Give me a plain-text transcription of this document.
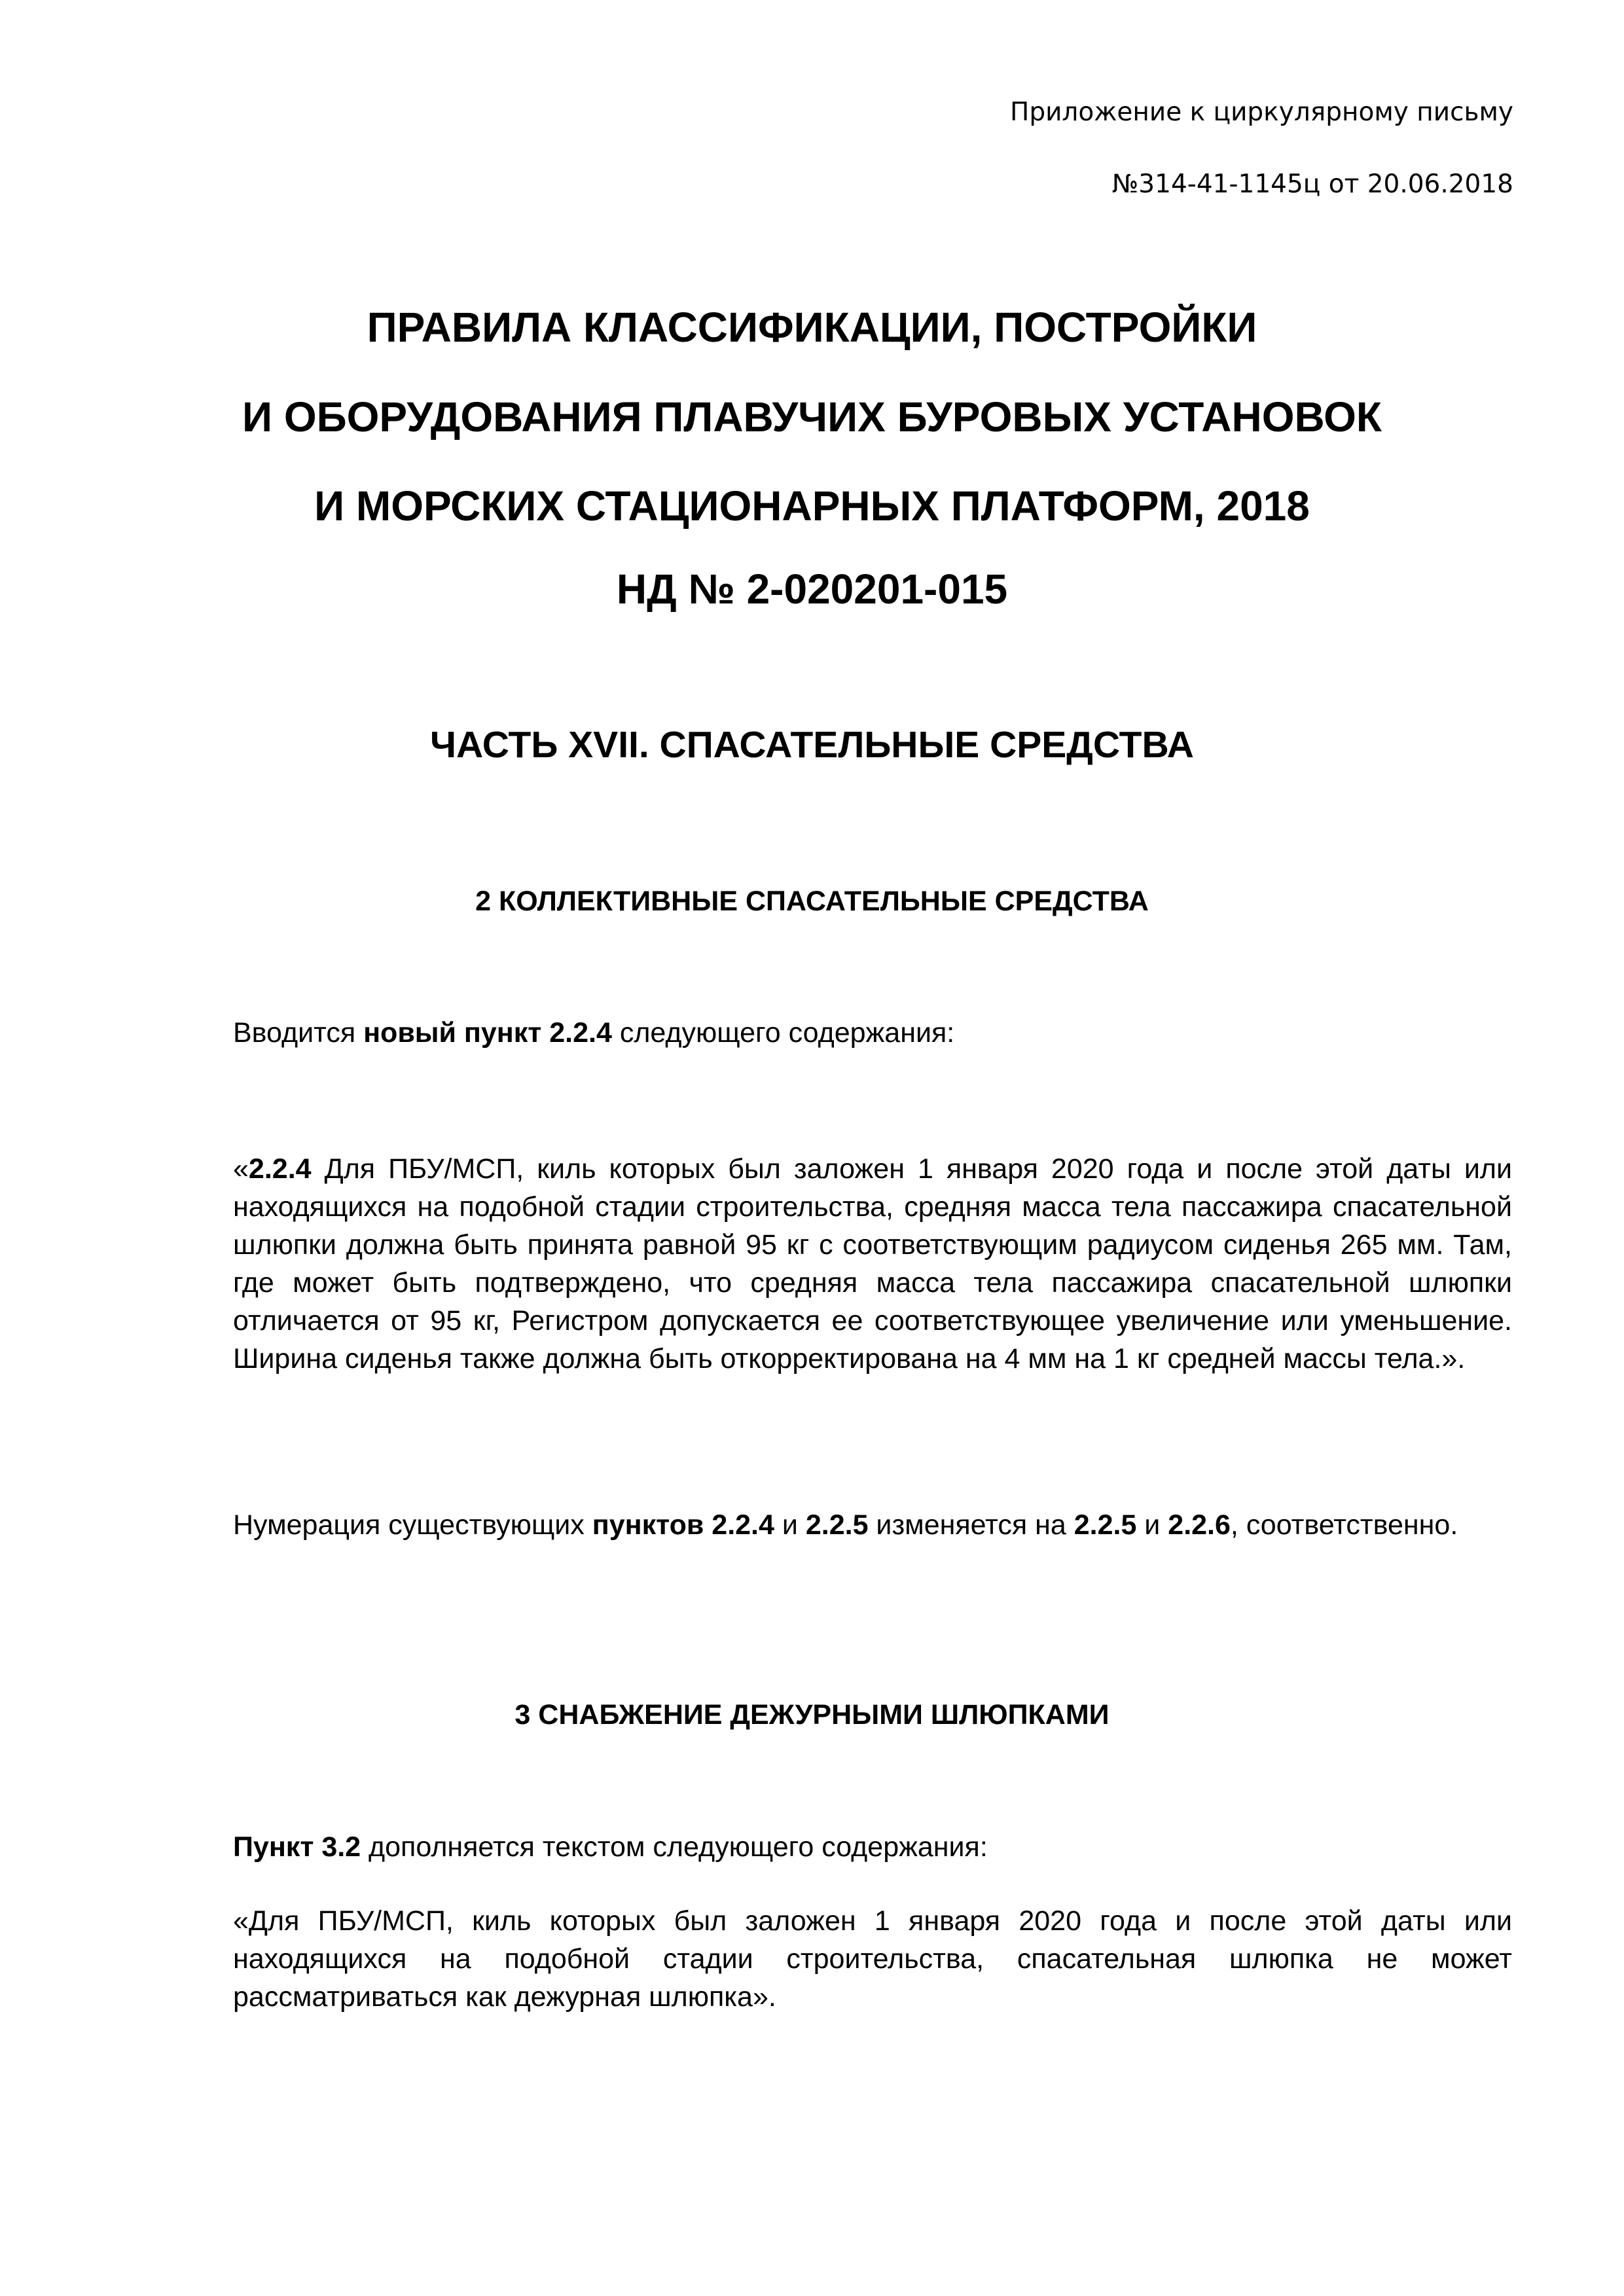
Приложение к циркулярному письму
№314-41-1145ц от 20.06.2018
ПРАВИЛА КЛАССИФИКАЦИИ, ПОСТРОЙКИ
И ОБОРУДОВАНИЯ ПЛАВУЧИХ БУРОВЫХ УСТАНОВОК
И МОРСКИХ СТАЦИОНАРНЫХ ПЛАТФОРМ, 2018
НД № 2-020201-015
ЧАСТЬ XVII. СПАСАТЕЛЬНЫЕ СРЕДСТВА
2 КОЛЛЕКТИВНЫЕ СПАСАТЕЛЬНЫЕ СРЕДСТВА
Вводится новый пункт 2.2.4 следующего содержания:
«2.2.4 Для ПБУ/МСП, киль которых был заложен 1 января 2020 года и после этой даты или находящихся на подобной стадии строительства, средняя масса тела пассажира спасательной шлюпки должна быть принята равной 95 кг с соответствующим радиусом сиденья 265 мм. Там, где может быть подтверждено, что средняя масса тела пассажира спасательной шлюпки отличается от 95 кг, Регистром допускается ее соответствующее увеличение или уменьшение. Ширина сиденья также должна быть откорректирована на 4 мм на 1 кг средней массы тела.».
Нумерация существующих пунктов 2.2.4 и 2.2.5 изменяется на 2.2.5 и 2.2.6, соответственно.
3 СНАБЖЕНИЕ ДЕЖУРНЫМИ ШЛЮПКАМИ
Пункт 3.2 дополняется текстом следующего содержания:
«Для ПБУ/МСП, киль которых был заложен 1 января 2020 года и после этой даты или находящихся на подобной стадии строительства, спасательная шлюпка не может рассматриваться как дежурная шлюпка».
